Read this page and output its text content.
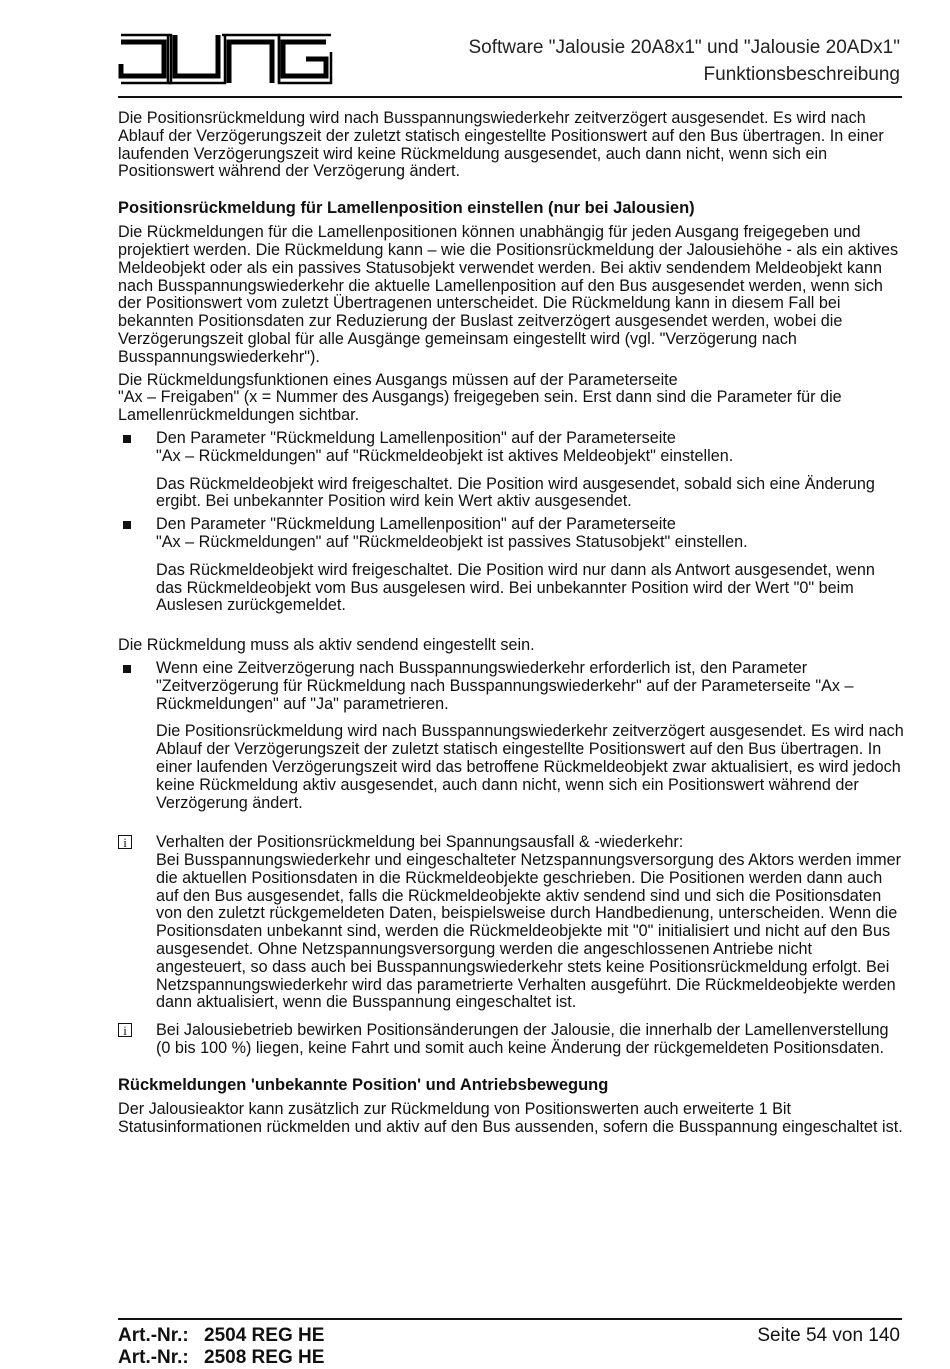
Software "Jalousie 20A8x1" und "Jalousie 20ADx1"
Funktionsbeschreibung

Die Positionsrückmeldung wird nach Busspannungswiederkehr zeitverzögert ausgesendet. Es wird nach Ablauf der Verzögerungszeit der zuletzt statisch eingestellte Positionswert auf den Bus übertragen. In einer laufenden Verzögerungszeit wird keine Rückmeldung ausgesendet, auch dann nicht, wenn sich ein Positionswert während der Verzögerung ändert.

Positionsrückmeldung für Lamellenposition einstellen (nur bei Jalousien)

Die Rückmeldungen für die Lamellenpositionen können unabhängig für jeden Ausgang freigegeben und projektiert werden. Die Rückmeldung kann – wie die Positionsrückmeldung der Jalousiehöhe - als ein aktives Meldeobjekt oder als ein passives Statusobjekt verwendet werden. Bei aktiv sendendem Meldeobjekt kann nach Busspannungswiederkehr die aktuelle Lamellenposition auf den Bus ausgesendet werden, wenn sich der Positionswert vom zuletzt Übertragenen unterscheidet. Die Rückmeldung kann in diesem Fall bei bekannten Positionsdaten zur Reduzierung der Buslast zeitverzögert ausgesendet werden, wobei die Verzögerungszeit global für alle Ausgänge gemeinsam eingestellt wird (vgl. "Verzögerung nach Busspannungswiederkehr").

Die Rückmeldungsfunktionen eines Ausgangs müssen auf der Parameterseite

"Ax – Freigaben" (x = Nummer des Ausgangs) freigegeben sein. Erst dann sind die Parameter für die Lamellenrückmeldungen sichtbar.

Den Parameter "Rückmeldung Lamellenposition" auf der Parameterseite

"Ax – Rückmeldungen" auf "Rückmeldeobjekt ist aktives Meldeobjekt" einstellen.

Das Rückmeldeobjekt wird freigeschaltet. Die Position wird ausgesendet, sobald sich eine Änderung ergibt. Bei unbekannter Position wird kein Wert aktiv ausgesendet.

Den Parameter "Rückmeldung Lamellenposition" auf der Parameterseite

"Ax – Rückmeldungen" auf "Rückmeldeobjekt ist passives Statusobjekt" einstellen.

Das Rückmeldeobjekt wird freigeschaltet. Die Position wird nur dann als Antwort ausgesendet, wenn das Rückmeldeobjekt vom Bus ausgelesen wird. Bei unbekannter Position wird der Wert "0" beim Auslesen zurückgemeldet.

Die Rückmeldung muss als aktiv sendend eingestellt sein.

Wenn eine Zeitverzögerung nach Busspannungswiederkehr erforderlich ist, den Parameter "Zeitverzögerung für Rückmeldung nach Busspannungswiederkehr" auf der Parameterseite "Ax – Rückmeldungen" auf "Ja" parametrieren.

Die Positionsrückmeldung wird nach Busspannungswiederkehr zeitverzögert ausgesendet. Es wird nach Ablauf der Verzögerungszeit der zuletzt statisch eingestellte Positionswert auf den Bus übertragen. In einer laufenden Verzögerungszeit wird das betroffene Rückmeldeobjekt zwar aktualisiert, es wird jedoch keine Rückmeldung aktiv ausgesendet, auch dann nicht, wenn sich ein Positionswert während der Verzögerung ändert.

i	Verhalten der Positionsrückmeldung bei Spannungsausfall & -wiederkehr:

Bei Busspannungswiederkehr und eingeschalteter Netzspannungsversorgung des Aktors werden immer die aktuellen Positionsdaten in die Rückmeldeobjekte geschrieben. Die Positionen werden dann auch auf den Bus ausgesendet, falls die Rückmeldeobjekte aktiv sendend sind und sich die Positionsdaten von den zuletzt rückgemeldeten Daten, beispielsweise durch Handbedienung, unterscheiden. Wenn die Positionsdaten unbekannt sind, werden die Rückmeldeobjekte mit "0" initialisiert und nicht auf den Bus ausgesendet. Ohne Netzspannungsversorgung werden die angeschlossenen Antriebe nicht angesteuert, so dass auch bei Busspannungswiederkehr stets keine Positionsrückmeldung erfolgt. Bei Netzspannungswiederkehr wird das parametrierte Verhalten ausgeführt. Die Rückmeldeobjekte werden dann aktualisiert, wenn die Busspannung eingeschaltet ist.

i	Bei Jalousiebetrieb bewirken Positionsänderungen der Jalousie, die innerhalb der Lamellenverstellung (0 bis 100 %) liegen, keine Fahrt und somit auch keine Änderung der rückgemeldeten Positionsdaten.

Rückmeldungen 'unbekannte Position' und Antriebsbewegung

Der Jalousieaktor kann zusätzlich zur Rückmeldung von Positionswerten auch erweiterte 1 Bit Statusinformationen rückmelden und aktiv auf den Bus aussenden, sofern die Busspannung eingeschaltet ist.

Art.-Nr.: 2504 REG HE
Art.-Nr.: 2508 REG HE
Seite 54 von 140
